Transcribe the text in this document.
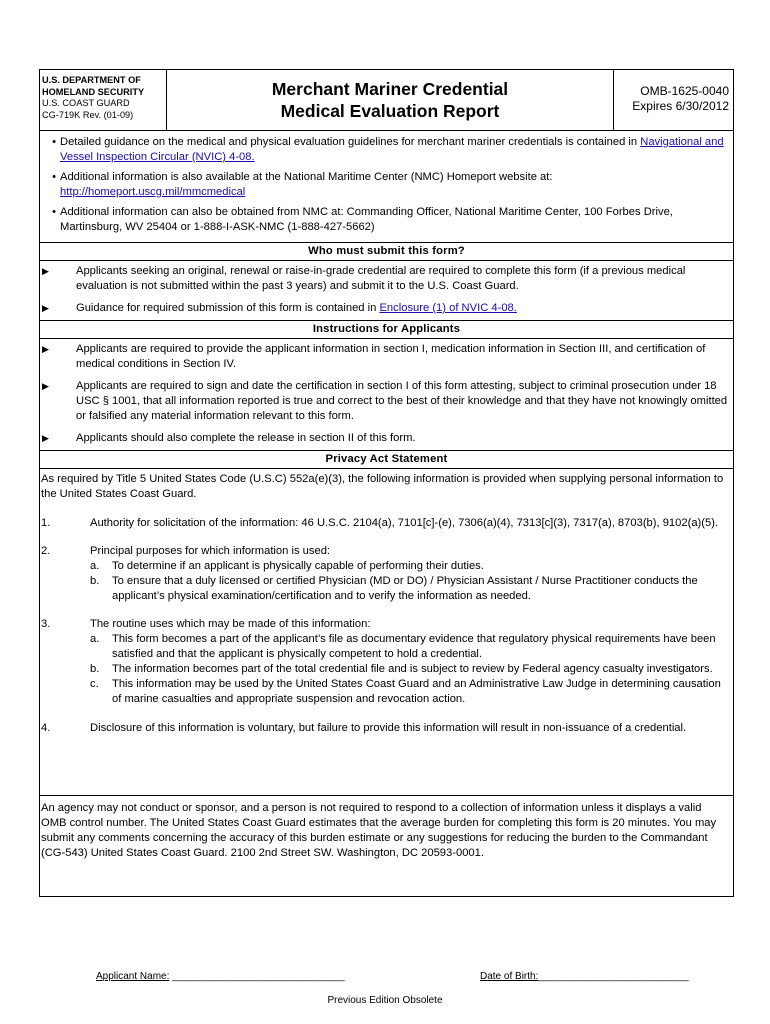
U.S. DEPARTMENT OF
HOMELAND SECURITY
U.S. COAST GUARD
CG-719K Rev. (01-09)
Merchant Mariner Credential
Medical Evaluation Report
OMB-1625-0040
Expires 6/30/2012
• Detailed guidance on the medical and physical evaluation guidelines for merchant mariner credentials is contained in Navigational and Vessel Inspection Circular (NVIC) 4-08.
• Additional information is also available at the National Maritime Center (NMC) Homeport website at: http://homeport.uscg.mil/mmcmedical
• Additional information can also be obtained from NMC at: Commanding Officer, National Maritime Center, 100 Forbes Drive, Martinsburg, WV 25404 or 1-888-I-ASK-NMC (1-888-427-5662)
Who must submit this form?
▶	Applicants seeking an original, renewal or raise-in-grade credential are required to complete this form (if a previous medical evaluation is not submitted within the past 3 years) and submit it to the U.S. Coast Guard.
▶	Guidance for required submission of this form is contained in Enclosure (1) of NVIC 4-08.
Instructions for Applicants
▶	Applicants are required to provide the applicant information in section I, medication information in Section III, and certification of medical conditions in Section IV.
▶	Applicants are required to sign and date the certification in section I of this form attesting, subject to criminal prosecution under 18 USC § 1001, that all information reported is true and correct to the best of their knowledge and that they have not knowingly omitted or falsified any material information relevant to this form.
▶	Applicants should also complete the release in section II of this form.
Privacy Act Statement
As required by Title 5 United States Code (U.S.C) 552a(e)(3), the following information is provided when supplying personal information to the United States Coast Guard.
1.	Authority for solicitation of the information: 46 U.S.C. 2104(a), 7101[c]-(e), 7306(a)(4), 7313[c](3), 7317(a), 8703(b), 9102(a)(5).
2.	Principal purposes for which information is used:
a.	To determine if an applicant is physically capable of performing their duties.
b.	To ensure that a duly licensed or certified Physician (MD or DO) / Physician Assistant / Nurse Practitioner conducts the applicant’s physical examination/certification and to verify the information as needed.
3.	The routine uses which may be made of this information:
a.	This form becomes a part of the applicant’s file as documentary evidence that regulatory physical requirements have been satisfied and that the applicant is physically competent to hold a credential.
b.	The information becomes part of the total credential file and is subject to review by Federal agency casualty investigators.
c.	This information may be used by the United States Coast Guard and an Administrative Law Judge in determining causation of marine casualties and appropriate suspension and revocation action.
4.	Disclosure of this information is voluntary, but failure to provide this information will result in non-issuance of a credential.
An agency may not conduct or sponsor, and a person is not required to respond to a collection of information unless it displays a valid OMB control number. The United States Coast Guard estimates that the average burden for completing this form is 20 minutes. You may submit any comments concerning the accuracy of this burden estimate or any suggestions for reducing the burden to the Commandant (CG-543) United States Coast Guard. 2100 2nd Street SW. Washington, DC 20593-0001.
Applicant Name: _______________________________	Date of Birth:___________________________
Previous Edition Obsolete
